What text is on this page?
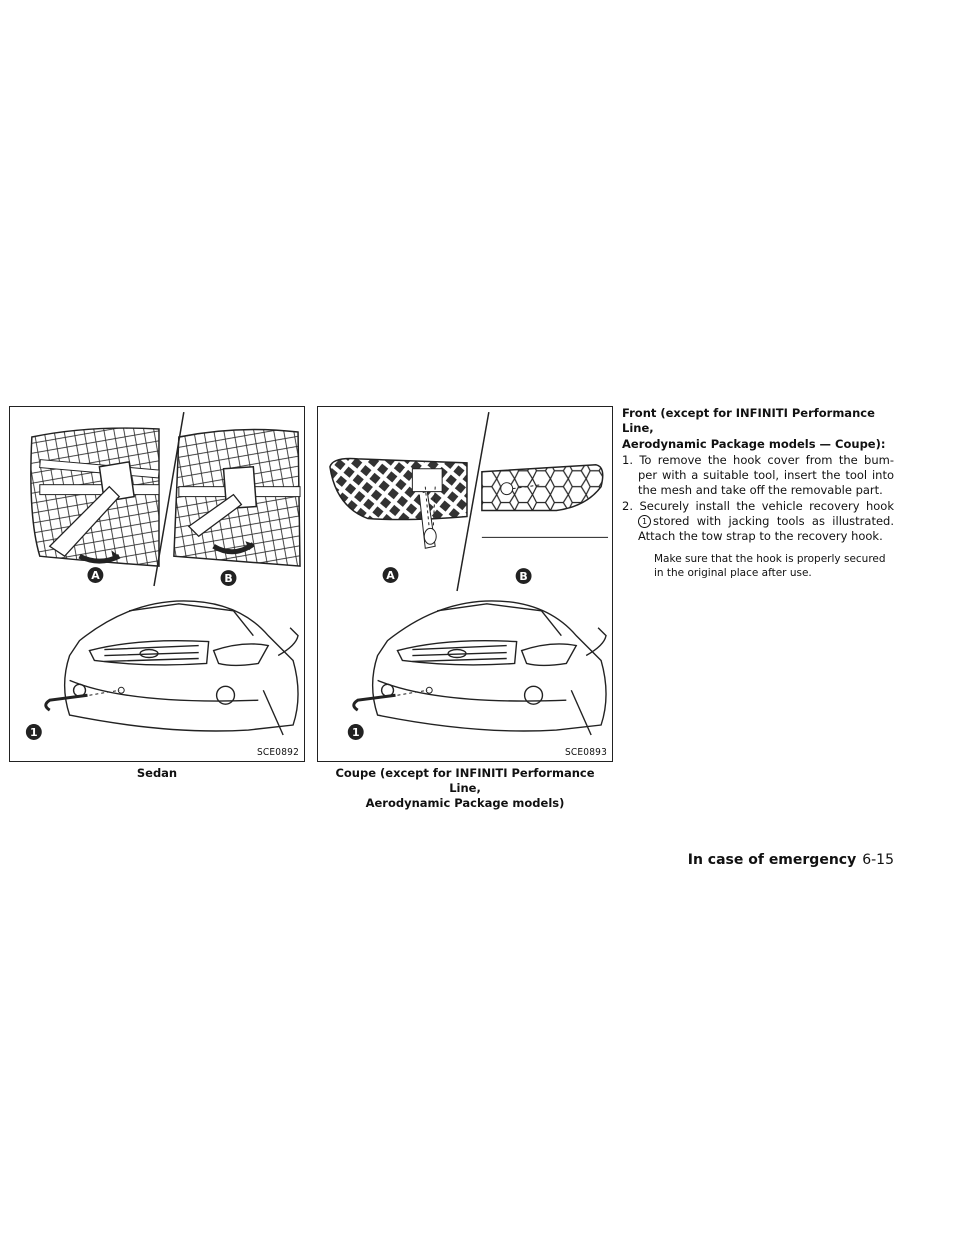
A	B
1
SCE0892
A	B
1
SCE0893
Sedan	Coupe (except for INFINITI Performance Line,
Aerodynamic Package models)
Front (except for INFINITI Performance Line,
Aerodynamic Package models — Coupe):
1. To remove the hook cover from the bum- per with a suitable tool, insert the tool into the mesh and take off the removable part.
2. Securely install the vehicle recovery hook 1 stored with jacking tools as illustrated. Attach the tow strap to the recovery hook.
Make sure that the hook is properly secured
in the original place after use.
In case of emergency 6-15
